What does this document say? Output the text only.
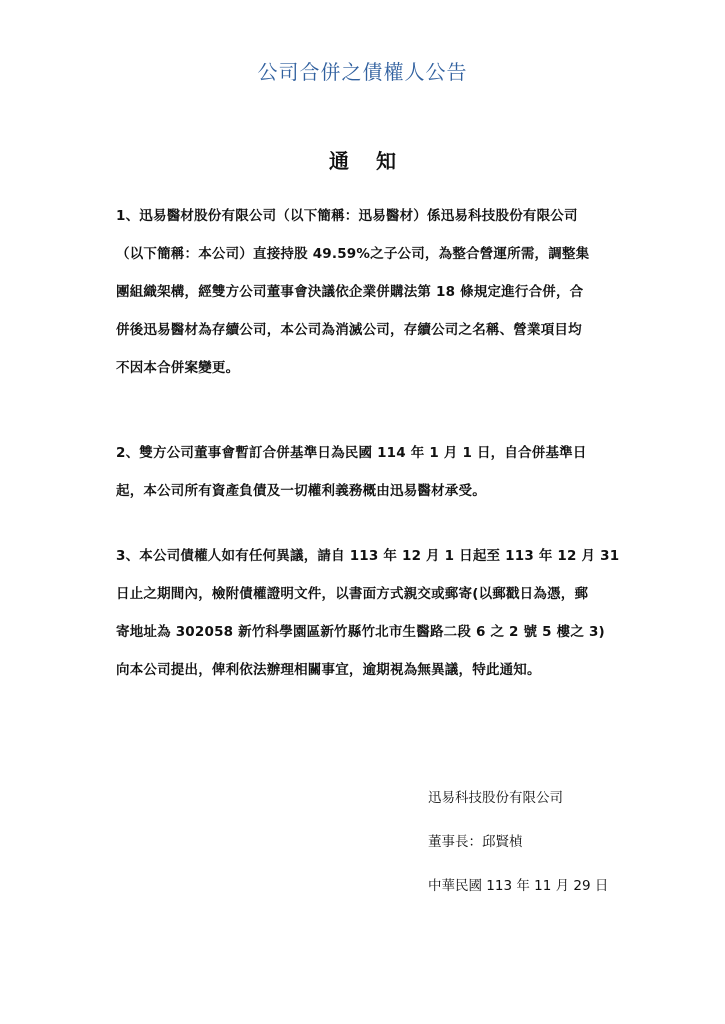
公司合併之債權人公告
通 知
1、迅易醫材股份有限公司（以下簡稱：迅易醫材）係迅易科技股份有限公司
（以下簡稱：本公司）直接持股 49.59%之子公司，為整合營運所需，調整集
團組織架構，經雙方公司董事會決議依企業併購法第 18 條規定進行合併，合
併後迅易醫材為存續公司，本公司為消滅公司，存續公司之名稱、營業項目均
不因本合併案變更。
2、雙方公司董事會暫訂合併基準日為民國 114 年 1 月 1 日，自合併基準日
起，本公司所有資產負債及一切權利義務概由迅易醫材承受。
3、本公司債權人如有任何異議，請自 113 年 12 月 1 日起至 113 年 12 月 31
日止之期間內，檢附債權證明文件，以書面方式親交或郵寄(以郵戳日為憑，郵
寄地址為 302058 新竹科學園區新竹縣竹北市生醫路二段 6 之 2 號 5 樓之 3)
向本公司提出，俾利依法辦理相關事宜，逾期視為無異議，特此通知。
迅易科技股份有限公司
董事長：邱賢楨
中華民國 113 年 11 月 29 日
